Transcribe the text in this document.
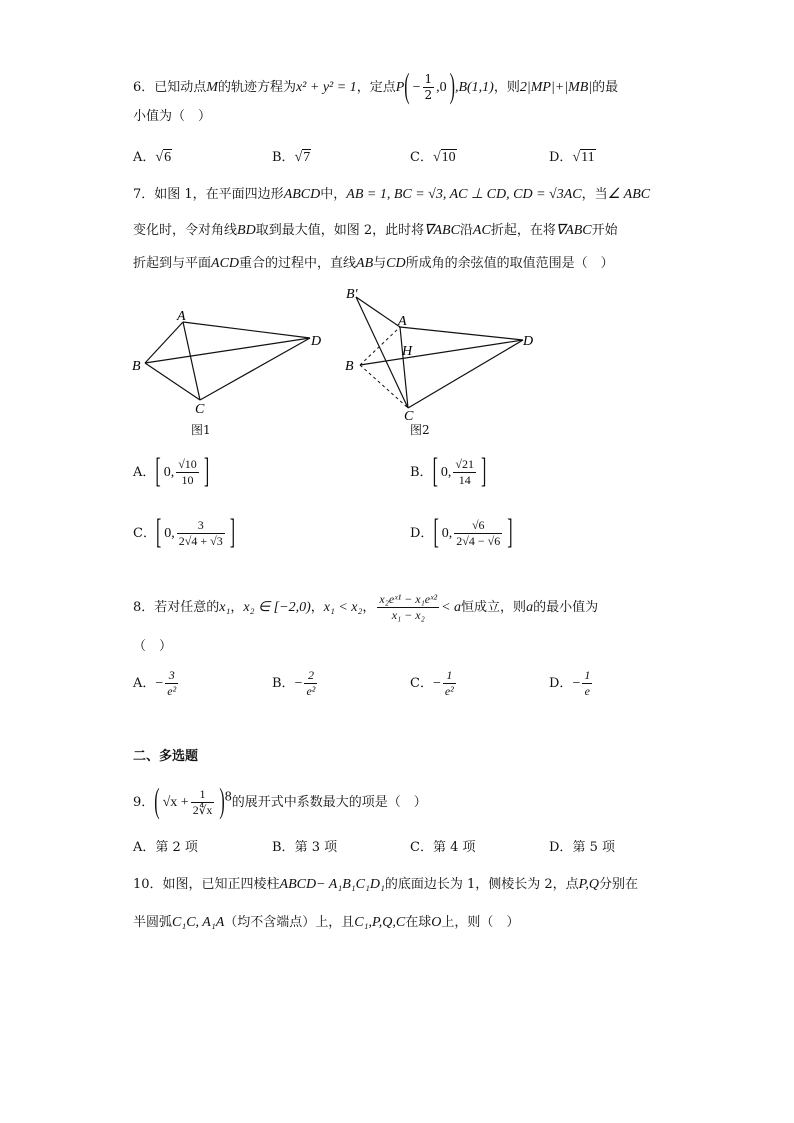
6．已知动点M的轨迹方程为x² + y² = 1，定点$P( - \frac{1}{2} ,0$ ),B(1,1)，则2|MP|+|MB|的最
小值为（　）
A．√6	B．√7	C．√10	D．√11
7．如图 1，在平面四边形ABCD中，AB = 1, BC = √3, AC ⊥ CD, CD = √3AC，当∠ ABC
变化时，令对角线BD取到最大值，如图 2，此时将∇ABC沿AC折起，在将∇ABC开始
折起到与平面ACD重合的过程中，直线AB与CD所成角的余弦值的取值范围是（　）
A
B
C
D
图1
B′
A
H
B
C
D
图2
A．[ 0, $\frac{√10}{10}$ ]	B．[ 0, $\frac{√21}{14}$ ]
C．[ 0, $\frac{3}{2√4 + √3}$ ]	D．[ 0, $\frac{√6}{2√4 - √6}$ ]
8．若对任意的x₁，x₂ ∈ [−2,0)，x₁ < x₂， $\frac{\text{x₂eˣ¹ − x₁eˣ²}}{\text{x₁ − x₂}} < a$恒成立，则a的最小值为
（　）
A．− $\frac{3}{\text{e²}}$	B．− $\frac{2}{\text{e²}}$	C．− $\frac{1}{\text{e²}}$	D．− $\frac{1}{e}$
二、多选题
9．( $√x + \frac{1}{2∜x} )^8$的展开式中系数最大的项是（　）
A．第 2 项	B．第 3 项	C．第 4 项	D．第 5 项
10．如图，已知正四棱柱ABCD− A₁B₁C₁D₁的底面边长为 1，侧棱长为 2，点P,Q分别在
半圆弧C₁C, A₁A（均不含端点）上，且C₁,P,Q,C在球O上，则（　）
